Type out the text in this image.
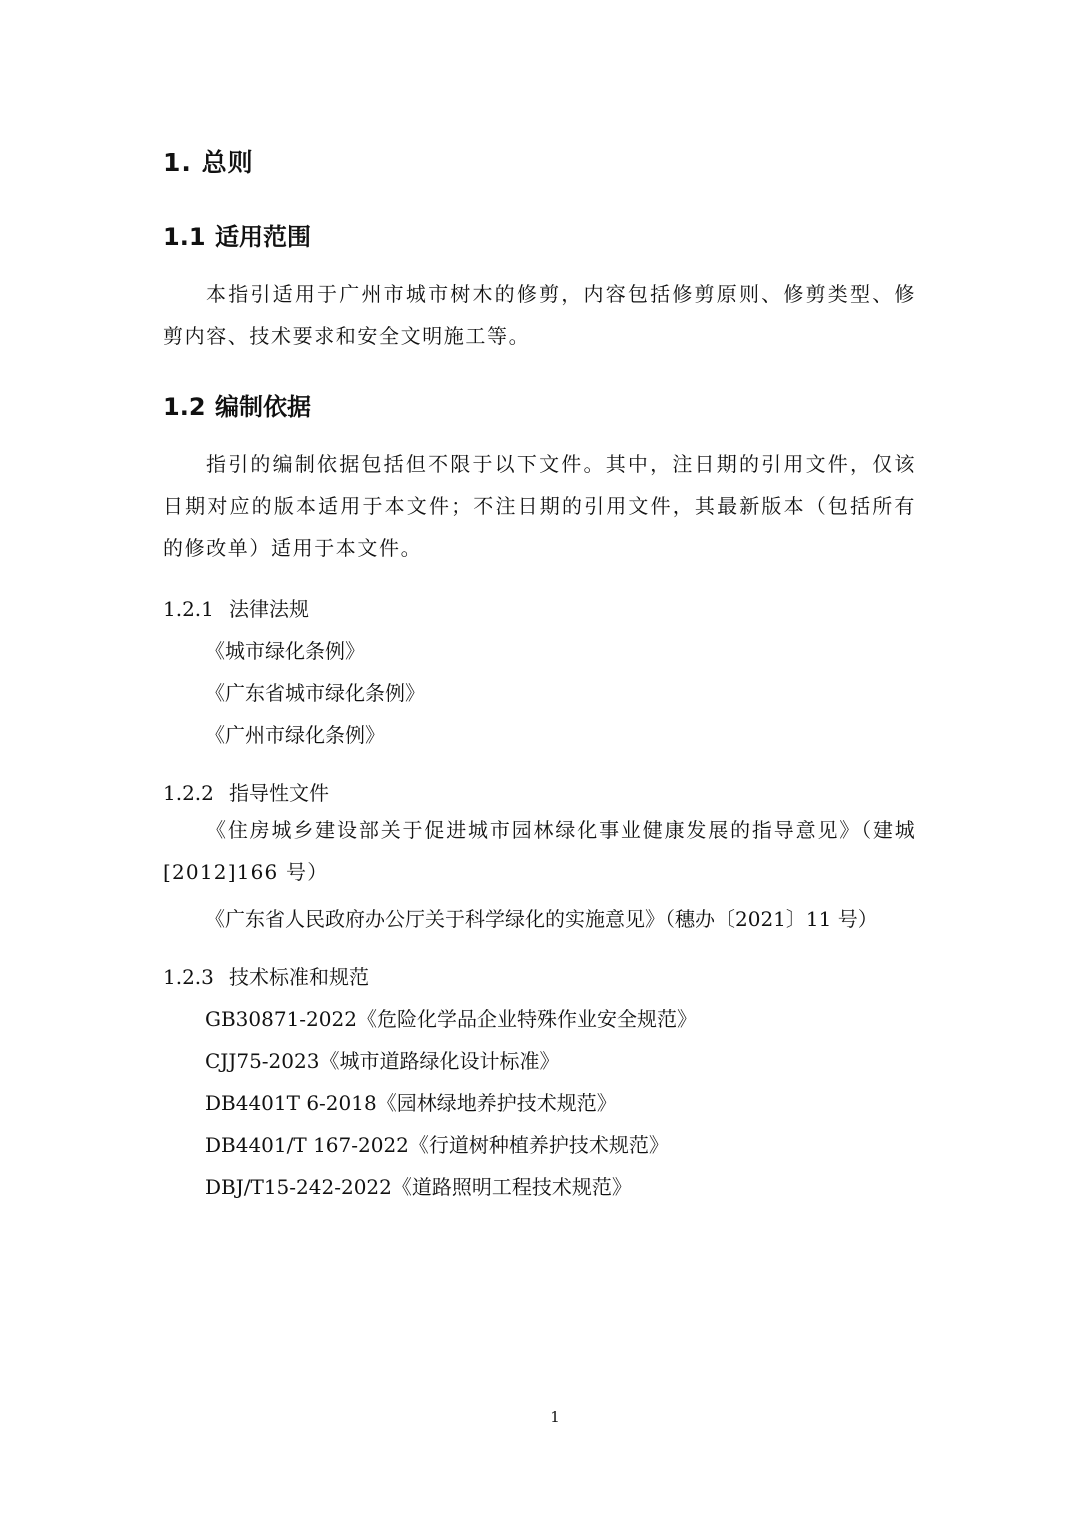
1. 总则
1.1 适用范围
本指引适用于广州市城市树木的修剪，内容包括修剪原则、修剪类型、修剪内容、技术要求和安全文明施工等。
1.2 编制依据
指引的编制依据包括但不限于以下文件。其中，注日期的引用文件，仅该日期对应的版本适用于本文件；不注日期的引用文件，其最新版本（包括所有的修改单）适用于本文件。
1.2.1 法律法规
《城市绿化条例》
《广东省城市绿化条例》
《广州市绿化条例》
1.2.2 指导性文件
《住房城乡建设部关于促进城市园林绿化事业健康发展的指导意见》（建城[2012]166 号）
《广东省人民政府办公厅关于科学绿化的实施意见》（穗办〔2021〕11 号）
1.2.3 技术标准和规范
GB30871-2022《危险化学品企业特殊作业安全规范》
CJJ75-2023《城市道路绿化设计标准》
DB4401T 6-2018《园林绿地养护技术规范》
DB4401/T 167-2022《行道树种植养护技术规范》
DBJ/T15-242-2022《道路照明工程技术规范》
1
